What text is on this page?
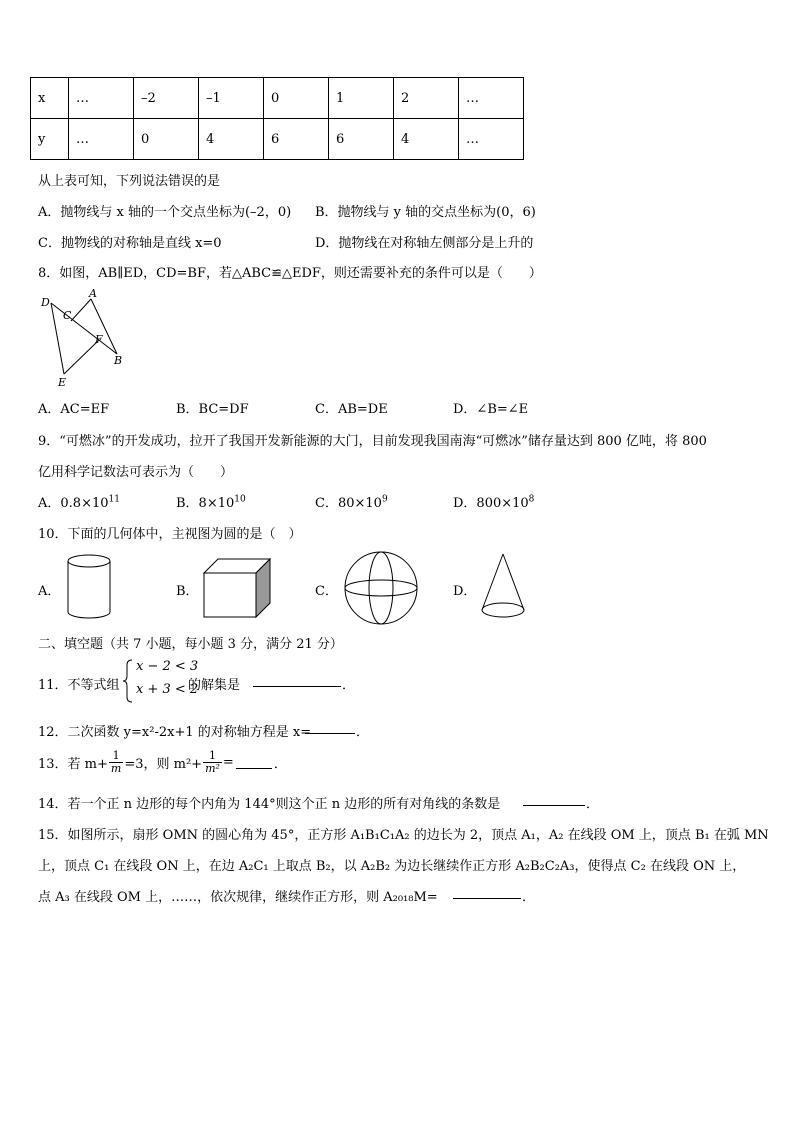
x	…	–2	–1	0	1	2	…
y	…	0	4	6	6	4	…
从上表可知，下列说法错误的是
A．抛物线与 x 轴的一个交点坐标为(–2，0) B．抛物线与 y 轴的交点坐标为(0，6)
C．抛物线的对称轴是直线 x=0	D．抛物线在对称轴左侧部分是上升的
8．如图，AB∥ED，CD=BF，若△ABC≌△EDF，则还需要补充的条件可以是（　　）
D
A
C
F
B
E
A．AC=EF	B．BC=DF	C．AB=DE	D．∠B=∠E
9．“可燃冰”的开发成功，拉开了我国开发新能源的大门，目前发现我国南海“可燃冰”储存量达到 800 亿吨，将 800
亿用科学记数法可表示为（　　）
A．$0.8\times 10^{11}$	B．$8\times 10^{10}$	C．$80\times 10^9$	D．$800\times 10^8$
10．下面的几何体中，主视图为圆的是（　）
A．	B．	C．	D．
二、填空题（共 7 小题，每小题 3 分，满分 21 分）
11．不等式组
x − 2 < 3
x + 3 < 2
的解集是	．
12．二次函数 y=x²-2x+1 的对称轴方程是 x=	．
13．若 $m+ \frac{1}{m} =3$，则 $m^2+ \frac{1}{\text{m²}}$ =	．
14．若一个正 n 边形的每个内角为 144°则这个正 n 边形的所有对角线的条数是	．
15．如图所示，扇形 OMN 的圆心角为 45°，正方形 A₁B₁C₁A₂ 的边长为 2，顶点 A₁，A₂ 在线段 OM 上，顶点 B₁ 在弧 MN
上，顶点 C₁ 在线段 ON 上，在边 A₂C₁ 上取点 B₂，以 A₂B₂ 为边长继续作正方形 A₂B₂C₂A₃，使得点 C₂ 在线段 ON 上，
点 A₃ 在线段 OM 上，……，依次规律，继续作正方形，则 A₂₀₁₈M=	．
